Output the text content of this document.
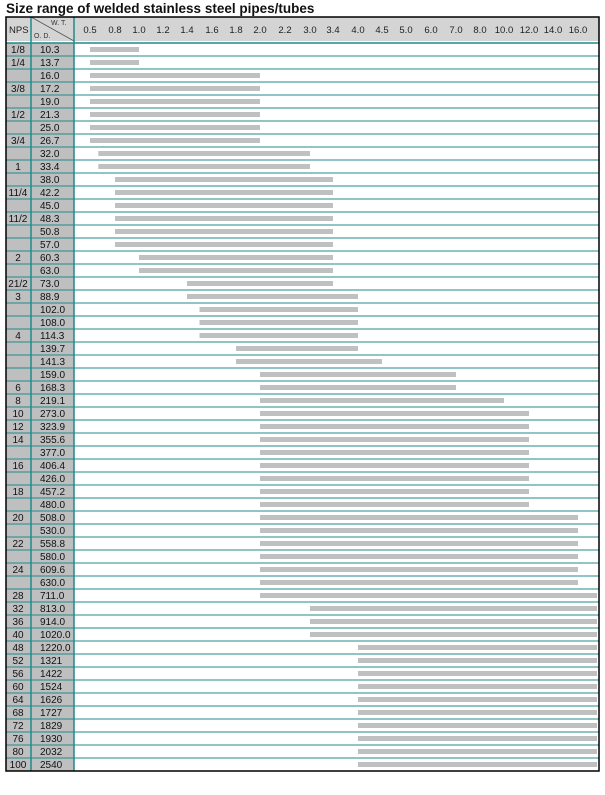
Size range of welded stainless steel pipes/tubes
NPS
W. T.
O. D.
0.5 0.8 1.0 1.2 1.4 1.6 1.8 2.0 2.2 3.0 3.4 4.0 4.5 5.0 6.0 7.0 8.0 10.0 12.0 14.0 16.0
1/8 10.3
1/4 13.7
16.0
3/8 17.2
19.0
1/2 21.3
25.0
3/4 26.7
32.0
1 33.4
38.0
11/4 42.2
45.0
11/2 48.3
50.8
57.0
2 60.3
63.0
21/2 73.0
3 88.9
102.0
108.0
4 114.3
139.7
141.3
159.0
6 168.3
8 219.1
10 273.0
12 323.9
14 355.6
377.0
16 406.4
426.0
18 457.2
480.0
20 508.0
530.0
22 558.8
580.0
24 609.6
630.0
28 711.0
32 813.0
36 914.0
40 1020.0
48 1220.0
52 1321
56 1422
60 1524
64 1626
68 1727
72 1829
76 1930
80 2032
100 2540
